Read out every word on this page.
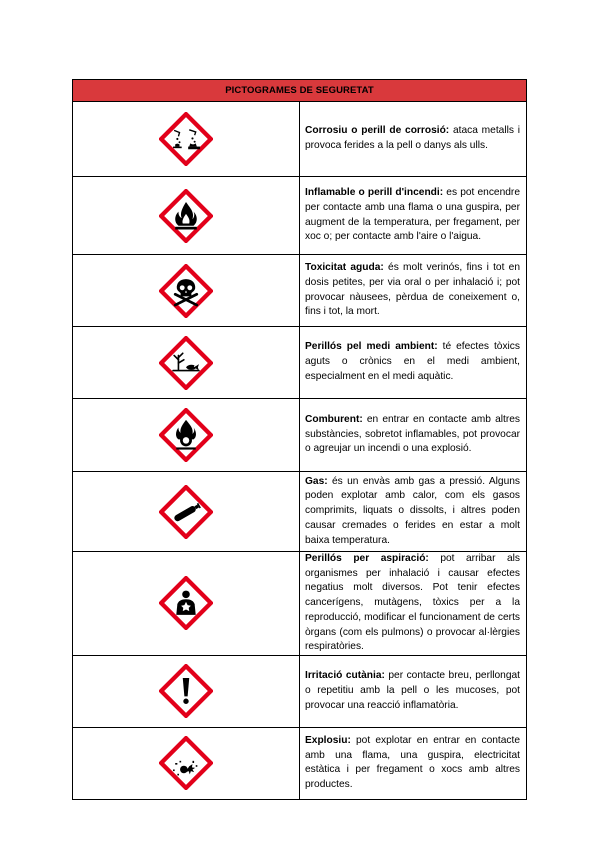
PICTOGRAMES DE SEGURETAT	

	Corrosiu o perill de corrosió: ataca metalls i provoca ferides a la pell o danys als ulls.

	Inflamable o perill d'incendi: es pot encendre per contacte amb una flama o una guspira, per augment de la temperatura, per fregament, per xoc o; per contacte amb l'aire o l'aigua.

	Toxicitat aguda: és molt verinós, fins i tot en dosis petites, per via oral o per inhalació i; pot provocar nàusees, pèrdua de coneixement o, fins i tot, la mort.

	Perillós pel medi ambient: té efectes tòxics aguts o crònics en el medi ambient, especialment en el medi aquàtic.

	Comburent: en entrar en contacte amb altres substàncies, sobretot inflamables, pot provocar o agreujar un incendi o una explosió.

	Gas: és un envàs amb gas a pressió. Alguns poden explotar amb calor, com els gasos comprimits, liquats o dissolts, i altres poden causar cremades o ferides en estar a molt baixa temperatura.

	Perillós per aspiració: pot arribar als organismes per inhalació i causar efectes negatius molt diversos. Pot tenir efectes cancerígens, mutàgens, tòxics per a la reproducció, modificar el funcionament de certs òrgans (com els pulmons) o provocar al·lèrgies respiratòries.

	Irritació cutània: per contacte breu, perllongat o repetitiu amb la pell o les mucoses, pot provocar una reacció inflamatòria.

	Explosiu: pot explotar en entrar en contacte amb una flama, una guspira, electricitat estàtica i per fregament o xocs amb altres productes.
